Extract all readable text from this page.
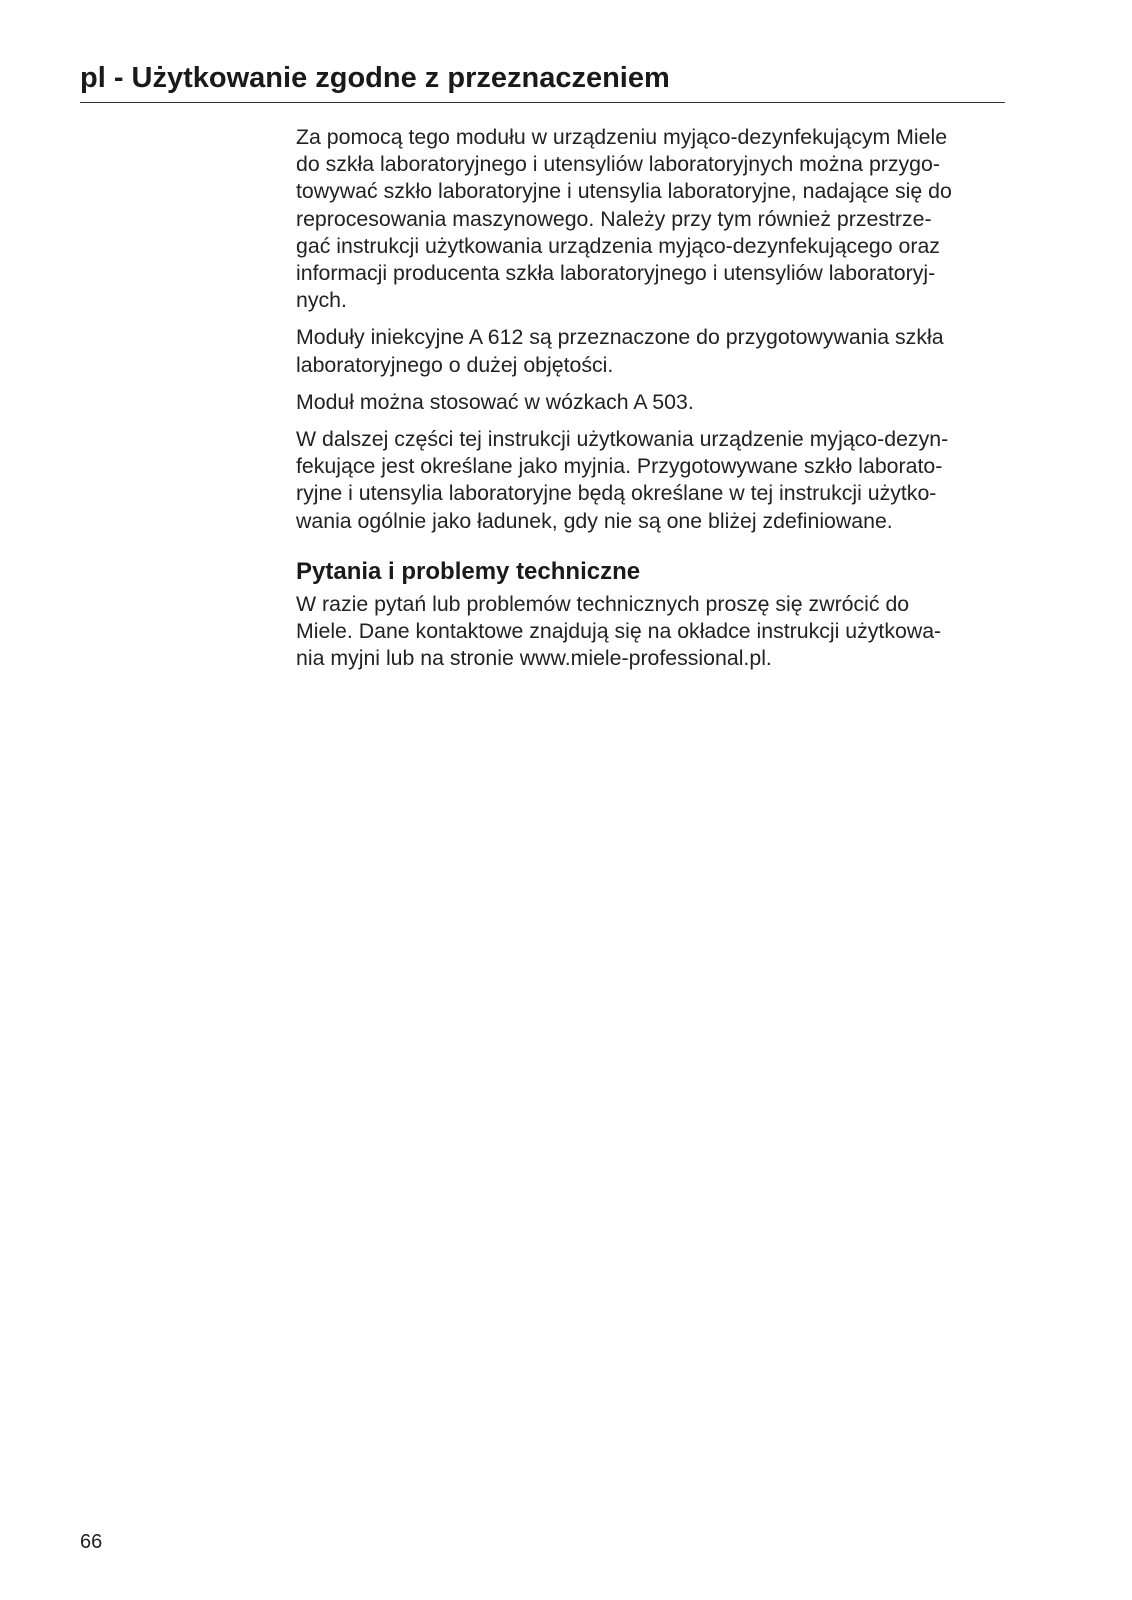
pl - Użytkowanie zgodne z przeznaczeniem

Za pomocą tego modułu w urządzeniu myjąco-dezynfekującym Miele
do szkła laboratoryjnego i utensyliów laboratoryjnych można przygo-
towywać szkło laboratoryjne i utensylia laboratoryjne, nadające się do
reprocesowania maszynowego. Należy przy tym również przestrze-
gać instrukcji użytkowania urządzenia myjąco-dezynfekującego oraz
informacji producenta szkła laboratoryjnego i utensyliów laboratoryj-
nych.

Moduły iniekcyjne A 612 są przeznaczone do przygotowywania szkła
laboratoryjnego o dużej objętości.

Moduł można stosować w wózkach A 503.

W dalszej części tej instrukcji użytkowania urządzenie myjąco-dezyn-
fekujące jest określane jako myjnia. Przygotowywane szkło laborato-
ryjne i utensylia laboratoryjne będą określane w tej instrukcji użytko-
wania ogólnie jako ładunek, gdy nie są one bliżej zdefiniowane.

Pytania i problemy techniczne

W razie pytań lub problemów technicznych proszę się zwrócić do
Miele. Dane kontaktowe znajdują się na okładce instrukcji użytkowa-
nia myjni lub na stronie www.miele-professional.pl.

66
